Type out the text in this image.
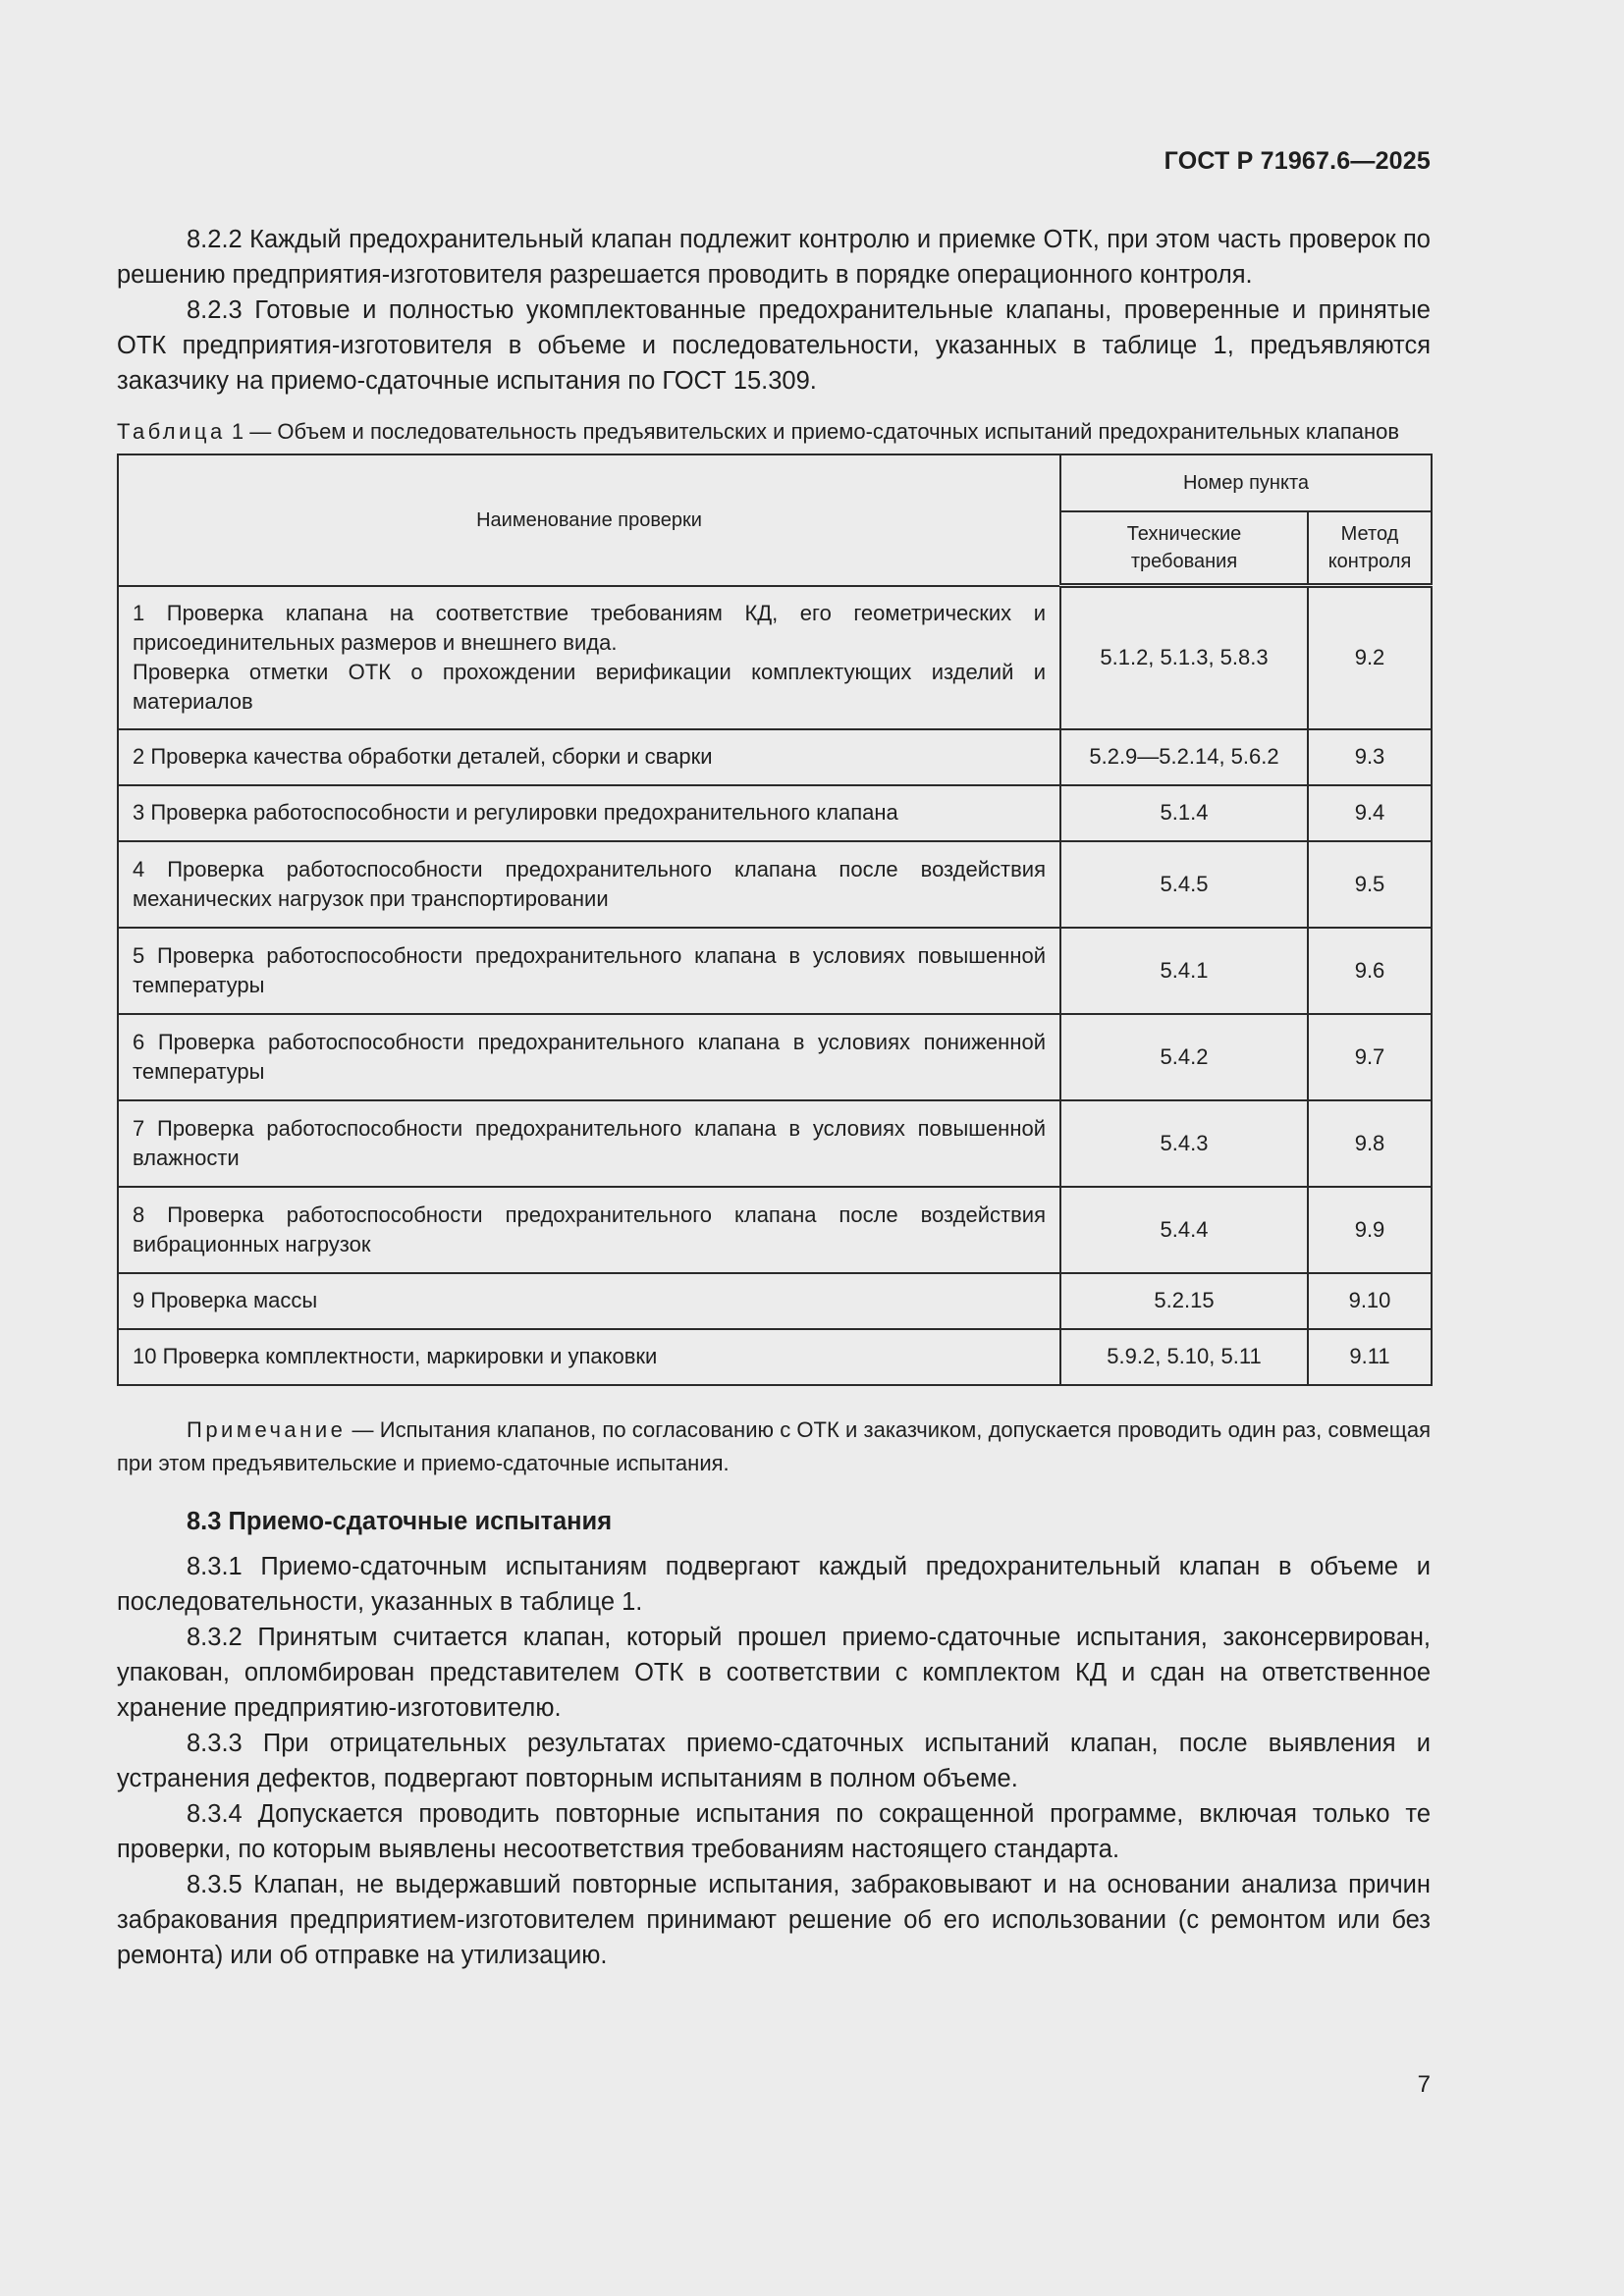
ГОСТ Р 71967.6—2025

8.2.2 Каждый предохранительный клапан подлежит контролю и приемке ОТК, при этом часть проверок по решению предприятия-изготовителя разрешается проводить в порядке операционного контроля.

8.2.3 Готовые и полностью укомплектованные предохранительные клапаны, проверенные и принятые ОТК предприятия-изготовителя в объеме и последовательности, указанных в таблице 1, предъявляются заказчику на приемо-сдаточные испытания по ГОСТ 15.309.

Таблица 1 — Объем и последовательность предъявительских и приемо-сдаточных испытаний предохранительных клапанов
Наименование проверки	Номер пункта	
	Технические требования	Метод контроля
1 Проверка клапана на соответствие требованиям КД, его геометрических и присоединительных размеров и внешнего вида.
Проверка отметки ОТК о прохождении верификации комплектующих изделий и материалов	5.1.2, 5.1.3, 5.8.3	9.2
2 Проверка качества обработки деталей, сборки и сварки	5.2.9—5.2.14, 5.6.2	9.3
3 Проверка работоспособности и регулировки предохранительного клапана	5.1.4	9.4
4 Проверка работоспособности предохранительного клапана после воздействия механических нагрузок при транспортировании	5.4.5	9.5
5 Проверка работоспособности предохранительного клапана в условиях повышенной температуры	5.4.1	9.6
6 Проверка работоспособности предохранительного клапана в условиях пониженной температуры	5.4.2	9.7
7 Проверка работоспособности предохранительного клапана в условиях повышенной влажности	5.4.3	9.8
8 Проверка работоспособности предохранительного клапана после воздействия вибрационных нагрузок	5.4.4	9.9
9 Проверка массы	5.2.15	9.10
10 Проверка комплектности, маркировки и упаковки	5.9.2, 5.10, 5.11	9.11
Примечание — Испытания клапанов, по согласованию с ОТК и заказчиком, допускается проводить один раз, совмещая при этом предъявительские и приемо-сдаточные испытания.
8.3 Приемо-сдаточные испытания

8.3.1 Приемо-сдаточным испытаниям подвергают каждый предохранительный клапан в объеме и последовательности, указанных в таблице 1.

8.3.2 Принятым считается клапан, который прошел приемо-сдаточные испытания, законсервирован, упакован, опломбирован представителем ОТК в соответствии с комплектом КД и сдан на ответственное хранение предприятию-изготовителю.

8.3.3 При отрицательных результатах приемо-сдаточных испытаний клапан, после выявления и устранения дефектов, подвергают повторным испытаниям в полном объеме.

8.3.4 Допускается проводить повторные испытания по сокращенной программе, включая только те проверки, по которым выявлены несоответствия требованиям настоящего стандарта.

8.3.5 Клапан, не выдержавший повторные испытания, забраковывают и на основании анализа причин забракования предприятием-изготовителем принимают решение об его использовании (с ремонтом или без ремонта) или об отправке на утилизацию.

7
